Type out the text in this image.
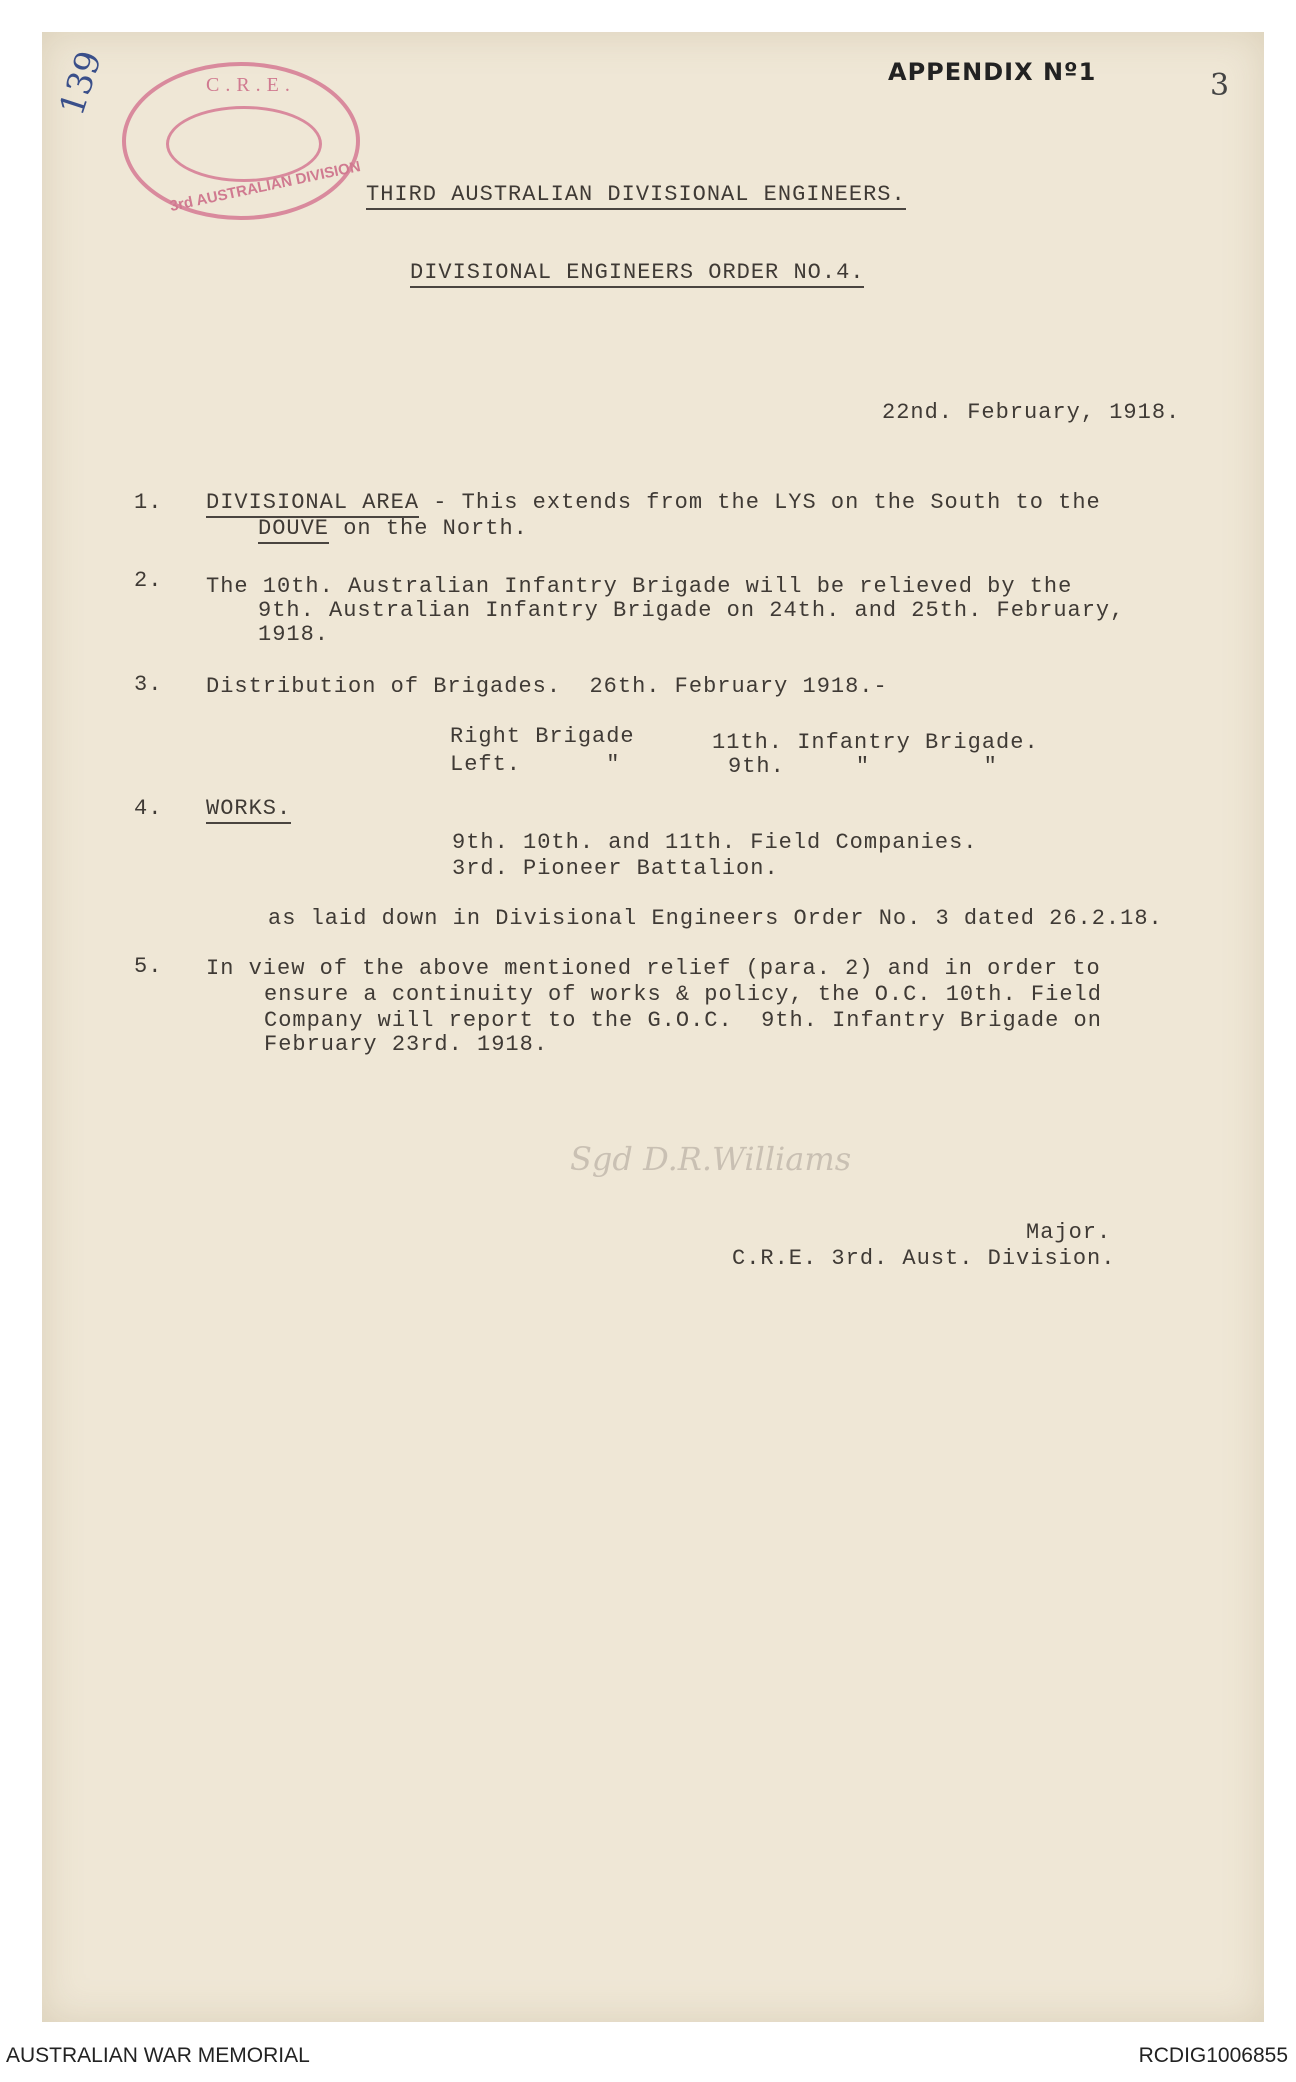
139	APPENDIX Nº1	3
C.R.E.
3rd AUSTRALIAN DIVISION THIRD AUSTRALIAN DIVISIONAL ENGINEERS.
DIVISIONAL ENGINEERS ORDER NO.4.
22nd. February, 1918.
1. DIVISIONAL AREA - This extends from the LYS on the South to the
DOUVE on the North.
2. The 10th. Australian Infantry Brigade will be relieved by the
9th. Australian Infantry Brigade on 24th. and 25th. February,
1918.
3. Distribution of Brigades.  26th. February 1918.-
Right Brigade	11th. Infantry Brigade.
Left.      "	9th.     "        "
4. WORKS.
9th. 10th. and 11th. Field Companies.
3rd. Pioneer Battalion.
as laid down in Divisional Engineers Order No. 3 dated 26.2.18.
5. In view of the above mentioned relief (para. 2) and in order to
ensure a continuity of works & policy, the O.C. 10th. Field
Company will report to the G.O.C.  9th. Infantry Brigade on
February 23rd. 1918.
Sgd D.R.Williams
Major.
C.R.E. 3rd. Aust. Division.
AUSTRALIAN WAR MEMORIAL	RCDIG1006855
